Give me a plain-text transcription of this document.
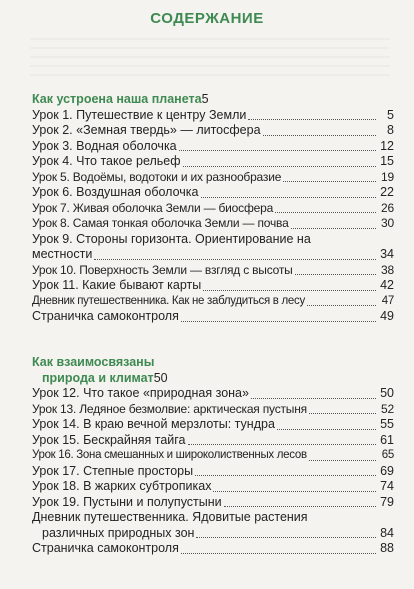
СОДЕРЖАНИЕ
Как устроена наша планета 5
Урок 1. Путешествие к центру Земли	5
Урок 2. «Земная твердь» — литосфера	8
Урок 3. Водная оболочка	12
Урок 4. Что такое рельеф	15
Урок 5. Водоёмы, водотоки и их разнообразие	19
Урок 6. Воздушная оболочка	22
Урок 7. Живая оболочка Земли — биосфера	26
Урок 8. Самая тонкая оболочка Земли — почва	30
Урок 9. Стороны горизонта. Ориентирование на
местности	34
Урок 10. Поверхность Земли — взгляд с высоты	38
Урок 11. Какие бывают карты	42
Дневник путешественника. Как не заблудиться в лесу	47
Страничка самоконтроля	49
Как взаимосвязаны
природа и климат 50
Урок 12. Что такое «природная зона»	50
Урок 13. Ледяное безмолвие: арктическая пустыня	52
Урок 14. В краю вечной мерзлоты: тундра	55
Урок 15. Бескрайняя тайга	61
Урок 16. Зона смешанных и широколиственных лесов	65
Урок 17. Степные просторы	69
Урок 18. В жарких субтропиках	74
Урок 19. Пустыни и полупустыни	79
Дневник путешественника. Ядовитые растения
различных природных зон	84
Страничка самоконтроля	88
